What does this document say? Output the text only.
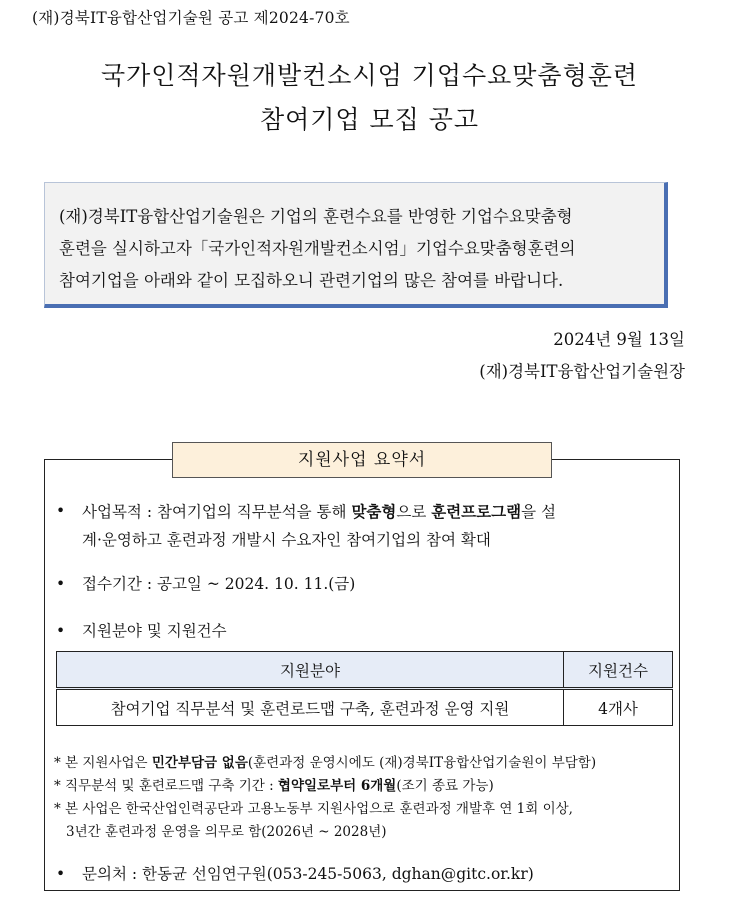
(재)경북IT융합산업기술원 공고 제2024-70호
국가인적자원개발컨소시엄 기업수요맞춤형훈련
참여기업 모집 공고

(재)경북IT융합산업기술원은 기업의 훈련수요를 반영한 기업수요맞춤형

훈련을 실시하고자「국가인적자원개발컨소시엄」기업수요맞춤형훈련의

참여기업을 아래와 같이 모집하오니 관련기업의 많은 참여를 바랍니다.

2024년 9월 13일
(재)경북IT융합산업기술원장
지원사업 요약서
• 사업목적 : 참여기업의 직무분석을 통해 맞춤형으로 훈련프로그램을 설
계·운영하고 훈련과정 개발시 수요자인 참여기업의 참여 확대
• 접수기간 : 공고일 ~ 2024. 10. 11.(금)
• 지원분야 및 지원건수
지원분야	지원건수
참여기업 직무분석 및 훈련로드맵 구축, 훈련과정 운영 지원	4개사
* 본 지원사업은 민간부담금 없음(훈련과정 운영시에도 (재)경북IT융합산업기술원이 부담함)
* 직무분석 및 훈련로드맵 구축 기간 : 협약일로부터 6개월(조기 종료 가능)
* 본 사업은 한국산업인력공단과 고용노동부 지원사업으로 훈련과정 개발후 연 1회 이상,
3년간 훈련과정 운영을 의무로 함(2026년 ~ 2028년)
• 문의처 : 한동균 선임연구원(053-245-5063, dghan@gitc.or.kr)
